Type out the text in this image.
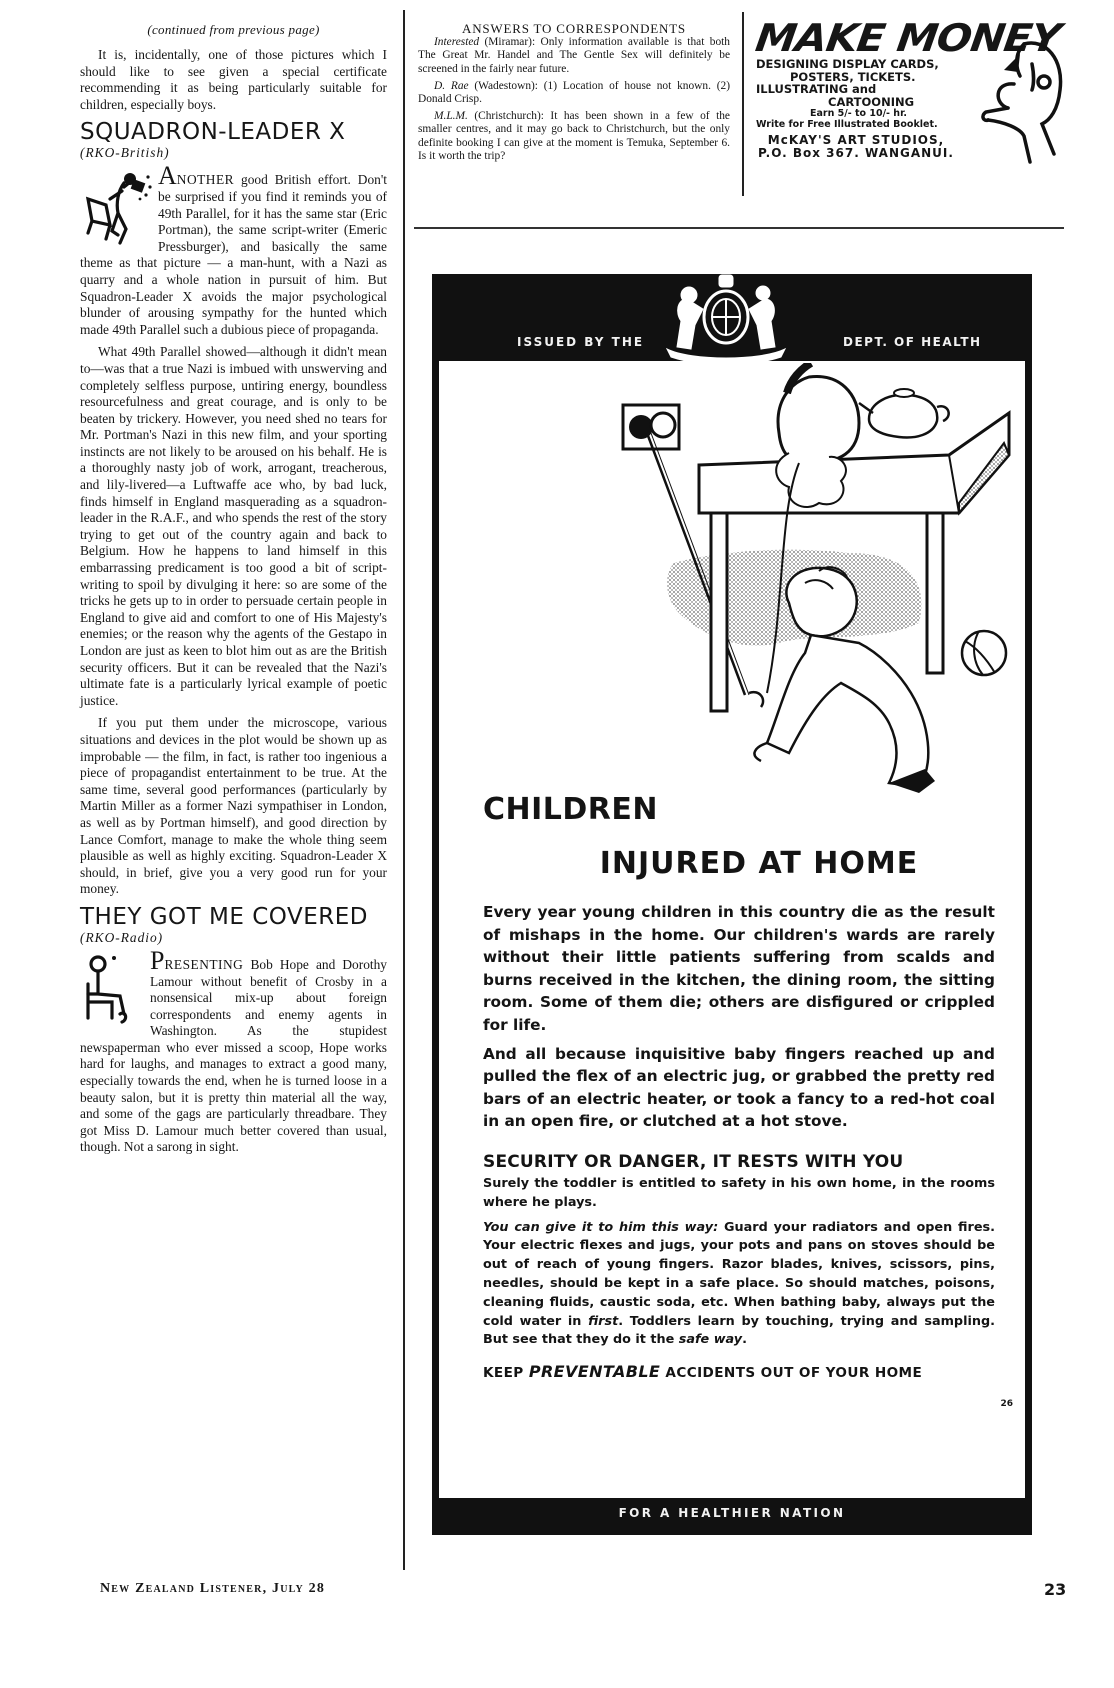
(continued from previous page)

It is, incidentally, one of those pictures which I should like to see given a special certificate recommending it as being particularly suitable for children, especially boys.

SQUADRON-LEADER X
(RKO-British)

ANOTHER good British effort. Don't be surprised if you find it reminds you of 49th Parallel, for it has the same star (Eric Portman), the same script-writer (Emeric Pressburger), and basically the same theme as that picture — a man-hunt, with a Nazi as quarry and a whole nation in pursuit of him. But Squadron-Leader X avoids the major psychological blunder of arousing sympathy for the hunted which made 49th Parallel such a dubious piece of propaganda.

What 49th Parallel showed—although it didn't mean to—was that a true Nazi is imbued with unswerving and completely selfless purpose, untiring energy, boundless resourcefulness and great courage, and is only to be beaten by trickery. However, you need shed no tears for Mr. Portman's Nazi in this new film, and your sporting instincts are not likely to be aroused on his behalf. He is a thoroughly nasty job of work, arrogant, treacherous, and lily-livered—a Luftwaffe ace who, by bad luck, finds himself in England masquerading as a squadron-leader in the R.A.F., and who spends the rest of the story trying to get out of the country again and back to Belgium. How he happens to land himself in this embarrassing predicament is too good a bit of script-writing to spoil by divulging it here: so are some of the tricks he gets up to in order to persuade certain people in England to give aid and comfort to one of His Majesty's enemies; or the reason why the agents of the Gestapo in London are just as keen to blot him out as are the British security officers. But it can be revealed that the Nazi's ultimate fate is a particularly lyrical example of poetic justice.

If you put them under the microscope, various situations and devices in the plot would be shown up as improbable — the film, in fact, is rather too ingenious a piece of propagandist entertainment to be true. At the same time, several good performances (particularly by Martin Miller as a former Nazi sympathiser in London, as well as by Portman himself), and good direction by Lance Comfort, manage to make the whole thing seem plausible as well as highly exciting. Squadron-Leader X should, in brief, give you a very good run for your money.

THEY GOT ME COVERED
(RKO-Radio)

PRESENTING Bob Hope and Dorothy Lamour without benefit of Crosby in a nonsensical mix-up about foreign correspondents and enemy agents in Washington. As the stupidest newspaperman who ever missed a scoop, Hope works hard for laughs, and manages to extract a good many, especially towards the end, when he is turned loose in a beauty salon, but it is pretty thin material all the way, and some of the gags are particularly threadbare. They got Miss D. Lamour much better covered than usual, though. Not a sarong in sight.

New Zealand Listener, July 28
ANSWERS TO CORRESPONDENTS

Interested (Miramar): Only information available is that both The Great Mr. Handel and The Gentle Sex will definitely be screened in the fairly near future.

D. Rae (Wadestown): (1) Location of house not known. (2) Donald Crisp.

M.L.M. (Christchurch): It has been shown in a few of the smaller centres, and it may go back to Christchurch, but the only definite booking I can give at the moment is Temuka, September 6. Is it worth the trip?

MAKE MONEY
DESIGNING DISPLAY CARDS,
POSTERS, TICKETS.
ILLUSTRATING and
CARTOONING
Earn 5/- to 10/- hr.
Write for Free Illustrated Booklet.
McKAY'S ART STUDIOS,
P.O. Box 367. WANGANUI.
ISSUED BY THE	DEPT. OF HEALTH
CHILDREN
INJURED AT HOME

Every year young children in this country die as the result of mishaps in the home. Our children's wards are rarely without their little patients suffering from scalds and burns received in the kitchen, the dining room, the sitting room. Some of them die; others are disfigured or crippled for life.

And all because inquisitive baby fingers reached up and pulled the flex of an electric jug, or grabbed the pretty red bars of an electric heater, or took a fancy to a red-hot coal in an open fire, or clutched at a hot stove.

SECURITY OR DANGER, IT RESTS WITH YOU

Surely the toddler is entitled to safety in his own home, in the rooms where he plays.

You can give it to him this way: Guard your radiators and open fires. Your electric flexes and jugs, your pots and pans on stoves should be out of reach of young fingers. Razor blades, knives, scissors, pins, needles, should be kept in a safe place. So should matches, poisons, cleaning fluids, caustic soda, etc. When bathing baby, always put the cold water in first. Toddlers learn by touching, trying and sampling. But see that they do it the safe way.

KEEP PREVENTABLE ACCIDENTS OUT OF YOUR HOME
26
FOR A HEALTHIER NATION
23
